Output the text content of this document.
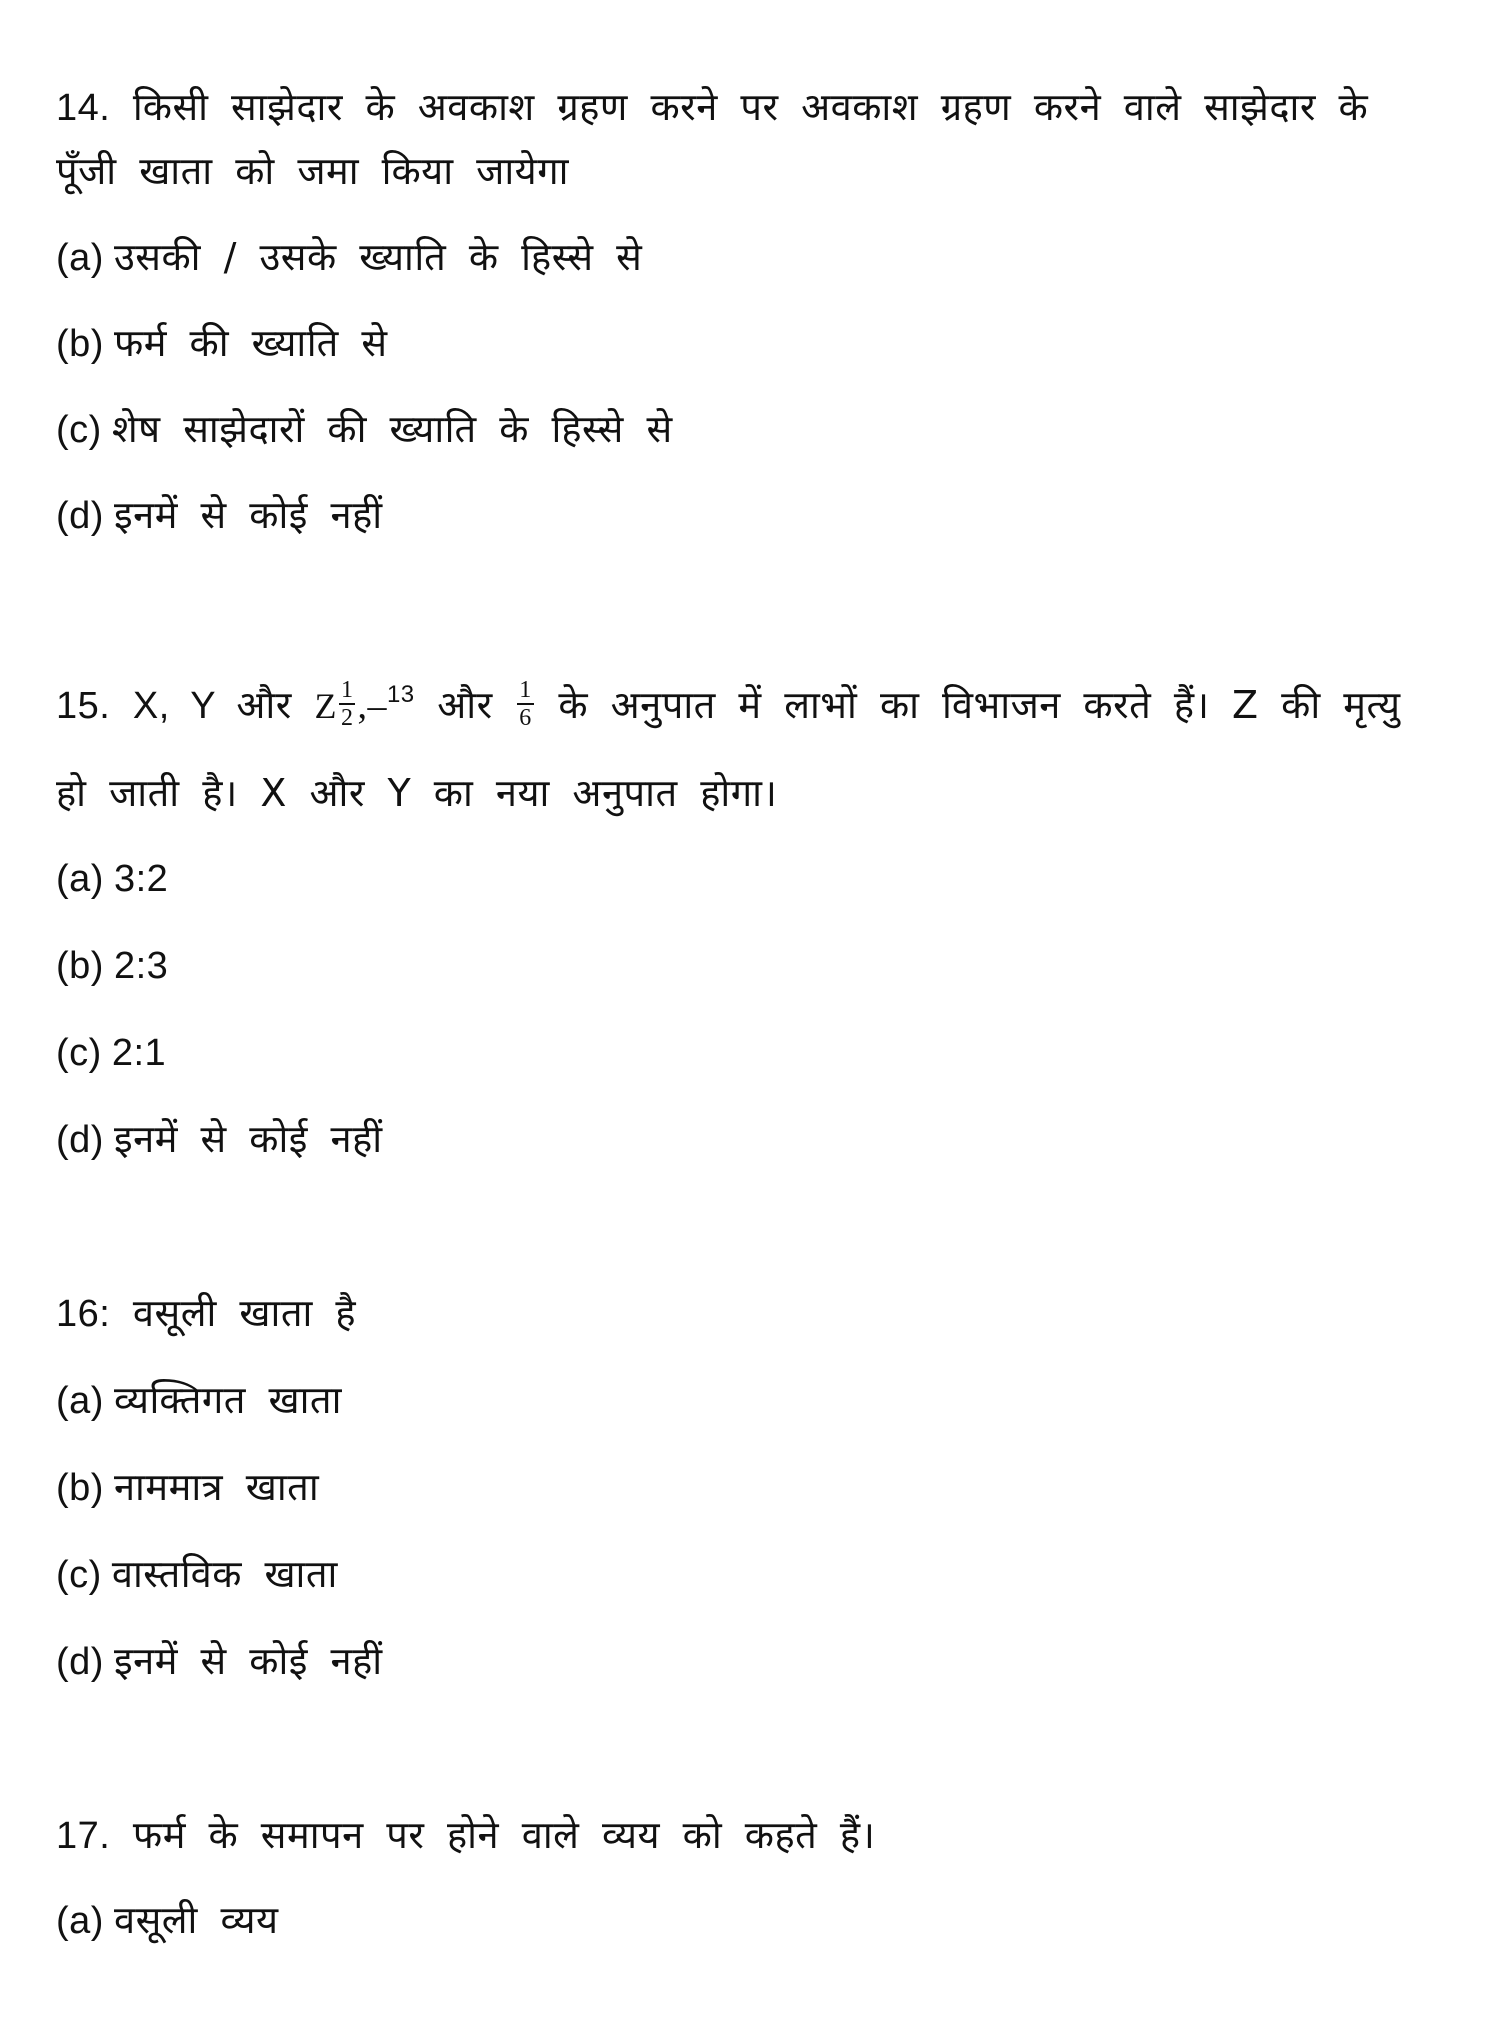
14. किसी साझेदार के अवकाश ग्रहण करने पर अवकाश ग्रहण करने वाले साझेदार के
पूँजी खाता को जमा किया जायेगा
(a) उसकी / उसके ख्याति के हिस्से से
(b) फर्म की ख्याति से
(c) शेष साझेदारों की ख्याति के हिस्से से
(d) इनमें से कोई नहीं
15. X, Y और Z $\frac{1}{2} ,-^{13}$ और $\frac{1}{6}$ के अनुपात में लाभों का विभाजन करते हैं। Z की मृत्यु
हो जाती है। X और Y का नया अनुपात होगा।
(a) 3:2
(b) 2:3
(c) 2:1
(d) इनमें से कोई नहीं
16: वसूली खाता है
(a) व्यक्तिगत खाता
(b) नाममात्र खाता
(c) वास्तविक खाता
(d) इनमें से कोई नहीं
17. फर्म के समापन पर होने वाले व्यय को कहते हैं।
(a) वसूली व्यय
